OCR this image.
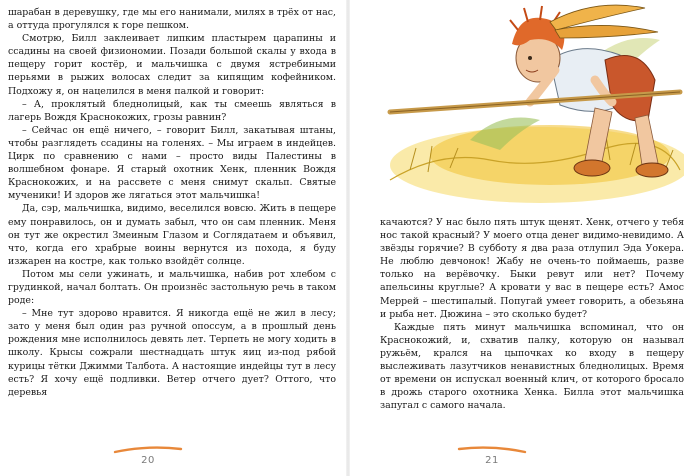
шарабан в деревушку, где мы его нанимали, милях в трёх от нас, а оттуда прогулялся к горе пешком.

Смотрю, Билл заклеивает липким пластырем царапины и ссадины на своей физиономии. Позади большой скалы у входа в пещеру горит костёр, и мальчишка с двумя ястребиными перьями в рыжих волосах следит за кипящим кофейником. Подхожу я, он нацелился в меня палкой и говорит:

– А, проклятый бледнолицый, как ты смеешь являться в лагерь Вождя Краснокожих, грозы равнин?

– Сейчас он ещё ничего, – говорит Билл, закатывая штаны, чтобы разглядеть ссадины на голенях. – Мы играем в индейцев. Цирк по сравнению с нами – просто виды Палестины в волшебном фонаре. Я старый охотник Хенк, пленник Вождя Краснокожих, и на рассвете с меня снимут скальп. Святые мученики! И здоров же лягаться этот мальчишка!

Да, сэр, мальчишка, видимо, веселился вовсю. Жить в пещере ему понравилось, он и думать забыл, что он сам пленник. Меня он тут же окрестил Змеиным Глазом и Соглядатаем и объявил, что, когда его храбрые воины вернутся из похода, я буду изжарен на костре, как только взойдёт солнце.

Потом мы сели ужинать, и мальчишка, набив рот хлебом с грудинкой, начал болтать. Он произнёс застольную речь в таком роде:

– Мне тут здорово нравится. Я никогда ещё не жил в лесу; зато у меня был один раз ручной опоссум, а в прошлый день рождения мне исполнилось девять лет. Терпеть не могу ходить в школу. Крысы сожрали шестнадцать штук яиц из-под рябой курицы тётки Джимми Талбота. А настоящие индейцы тут в лесу есть? Я хочу ещё подливки. Ветер отчего дует? Оттого, что деревья

качаются? У нас было пять штук щенят. Хенк, отчего у тебя нос такой красный? У моего отца денег видимо-невидимо. А звёзды горячие? В субботу я два раза отлупил Эда Уокера. Не люблю девчонок! Жабу не очень-то поймаешь, разве только на верёвочку. Быки ревут или нет? Почему апельсины круглые? А кровати у вас в пещере есть? Амос Меррей – шестипалый. Попугай умеет говорить, а обезьяна и рыба нет. Дюжина – это сколько будет?

Каждые пять минут мальчишка вспоминал, что он Краснокожий, и, схватив палку, которую он называл ружьём, крался на цыпочках ко входу в пещеру выслеживать лазутчиков ненавистных бледнолицых. Время от времени он испускал военный клич, от которого бросало в дрожь старого охотника Хенка. Билла этот мальчишка запугал с самого начала.

20	21
